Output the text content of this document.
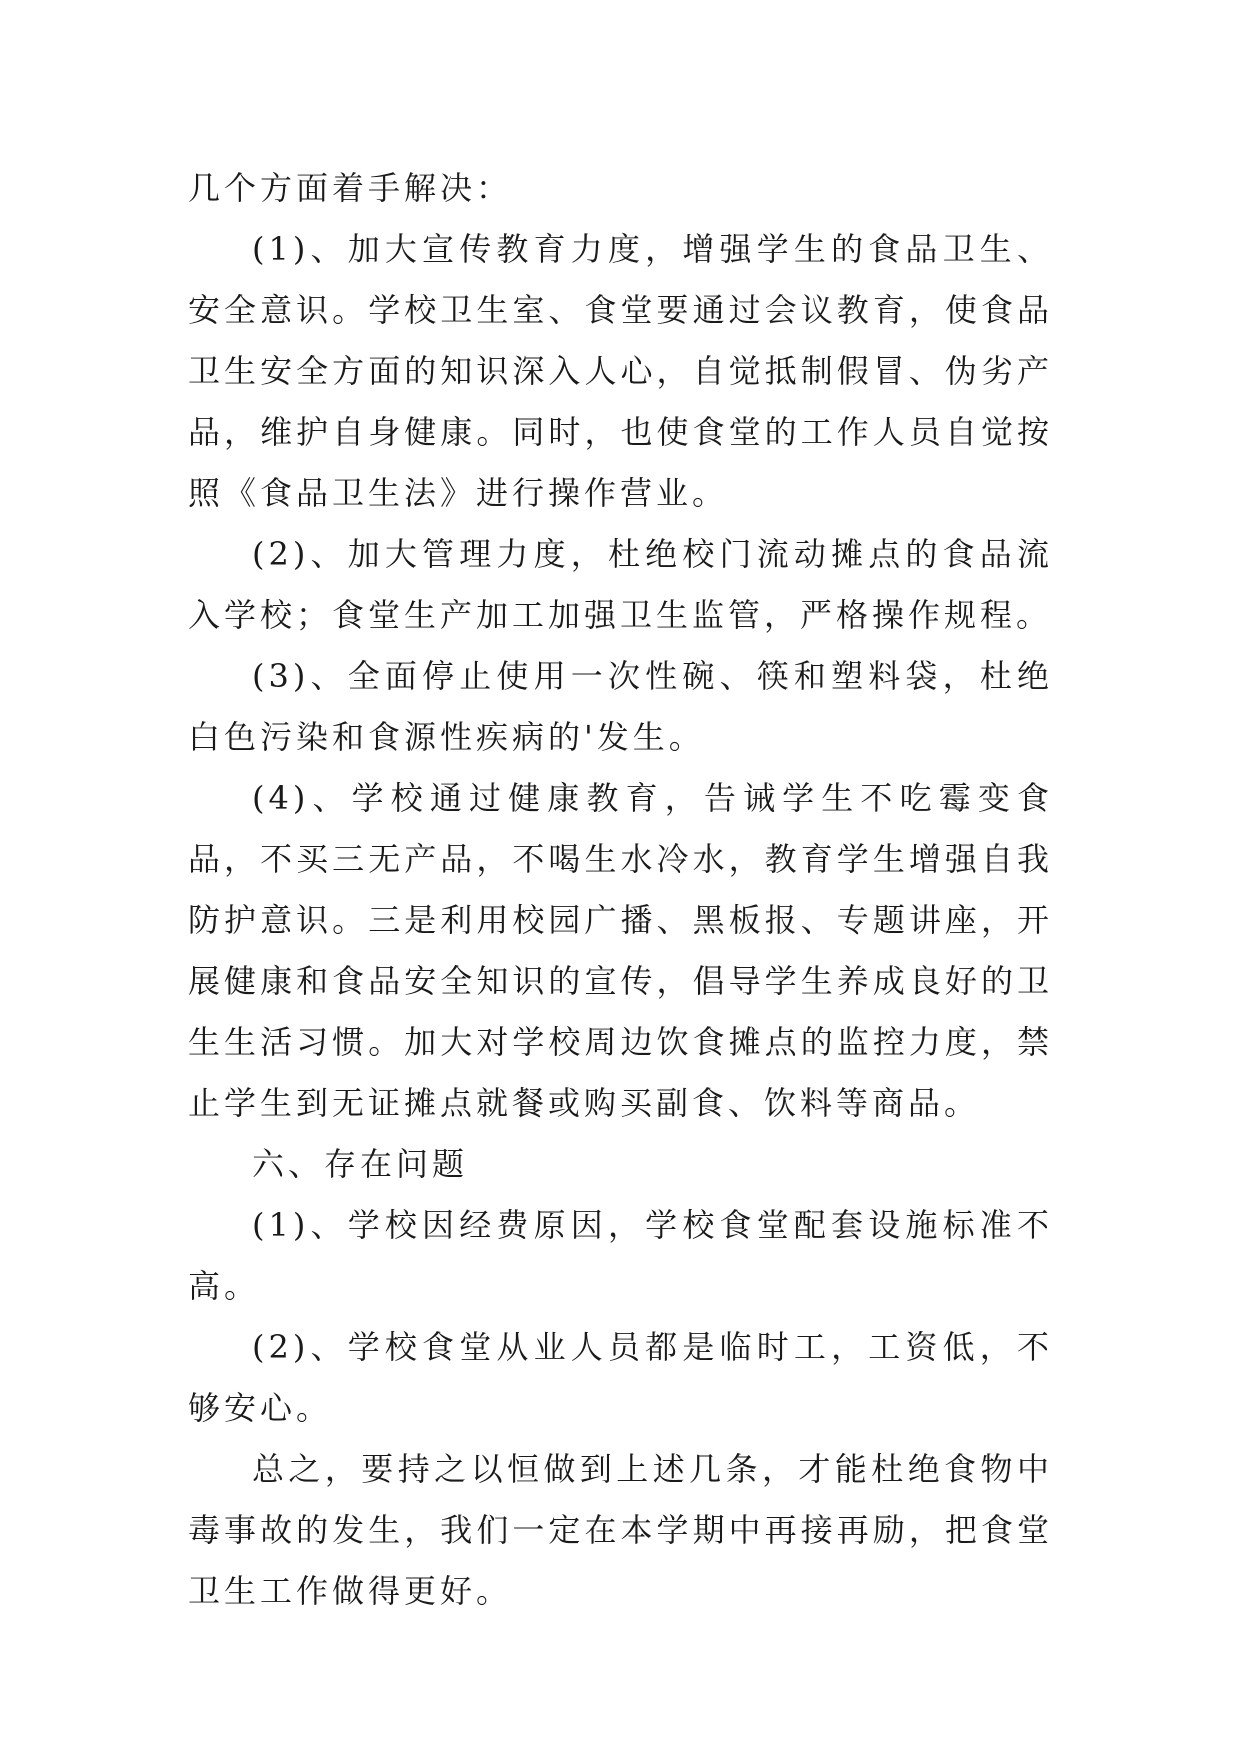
几个方面着手解决：

(1)、加大宣传教育力度，增强学生的食品卫生、安全意识。学校卫生室、食堂要通过会议教育，使食品卫生安全方面的知识深入人心，自觉抵制假冒、伪劣产品，维护自身健康。同时，也使食堂的工作人员自觉按照《食品卫生法》进行操作营业。

(2)、加大管理力度，杜绝校门流动摊点的食品流入学校；食堂生产加工加强卫生监管，严格操作规程。

(3)、全面停止使用一次性碗、筷和塑料袋，杜绝白色污染和食源性疾病的'发生。

(4)、学校通过健康教育，告诫学生不吃霉变食品，不买三无产品，不喝生水冷水，教育学生增强自我防护意识。三是利用校园广播、黑板报、专题讲座，开展健康和食品安全知识的宣传，倡导学生养成良好的卫生生活习惯。加大对学校周边饮食摊点的监控力度，禁止学生到无证摊点就餐或购买副食、饮料等商品。

六、存在问题

(1)、学校因经费原因，学校食堂配套设施标准不高。

(2)、学校食堂从业人员都是临时工，工资低，不够安心。

总之，要持之以恒做到上述几条，才能杜绝食物中毒事故的发生，我们一定在本学期中再接再励，把食堂卫生工作做得更好。
